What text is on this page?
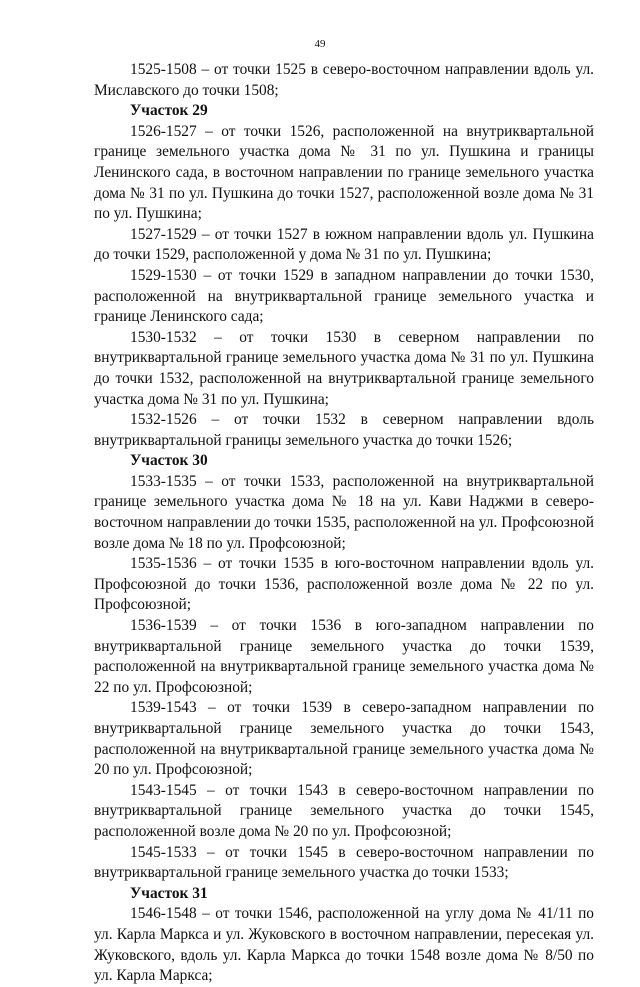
49

1525-1508 – от точки 1525 в северо-восточном направлении вдоль ул. Миславского до точки 1508;

Участок 29

1526-1527 – от точки 1526, расположенной на внутриквартальной границе земельного участка дома № 31 по ул. Пушкина и границы Ленинского сада, в восточном направлении по границе земельного участка дома № 31 по ул. Пушкина до точки 1527, расположенной возле дома № 31 по ул. Пушкина;

1527-1529 – от точки 1527 в южном направлении вдоль ул. Пушкина до точки 1529, расположенной у дома № 31 по ул. Пушкина;

1529-1530 – от точки 1529 в западном направлении до точки 1530, расположенной на внутриквартальной границе земельного участка и границе Ленинского сада;

1530-1532 – от точки 1530 в северном направлении по внутриквартальной границе земельного участка дома № 31 по ул. Пушкина до точки 1532, расположенной на внутриквартальной границе земельного участка дома № 31 по ул. Пушкина;

1532-1526 – от точки 1532 в северном направлении вдоль внутриквартальной границы земельного участка до точки 1526;

Участок 30

1533-1535 – от точки 1533, расположенной на внутриквартальной границе земельного участка дома № 18 на ул. Кави Наджми в северо-восточном направлении до точки 1535, расположенной на ул. Профсоюзной возле дома № 18 по ул. Профсоюзной;

1535-1536 – от точки 1535 в юго-восточном направлении вдоль ул. Профсоюзной до точки 1536, расположенной возле дома № 22 по ул. Профсоюзной;

1536-1539 – от точки 1536 в юго-западном направлении по внутриквартальной границе земельного участка до точки 1539, расположенной на внутриквартальной границе земельного участка дома № 22 по ул. Профсоюзной;

1539-1543 – от точки 1539 в северо-западном направлении по внутриквартальной границе земельного участка до точки 1543, расположенной на внутриквартальной границе земельного участка дома № 20 по ул. Профсоюзной;

1543-1545 – от точки 1543 в северо-восточном направлении по внутриквартальной границе земельного участка до точки 1545, расположенной возле дома № 20 по ул. Профсоюзной;

1545-1533 – от точки 1545 в северо-восточном направлении по внутриквартальной границе земельного участка до точки 1533;

Участок 31

1546-1548 – от точки 1546, расположенной на углу дома № 41/11 по ул. Карла Маркса и ул. Жуковского в восточном направлении, пересекая ул. Жуковского, вдоль ул. Карла Маркса до точки 1548 возле дома № 8/50 по ул. Карла Маркса;
